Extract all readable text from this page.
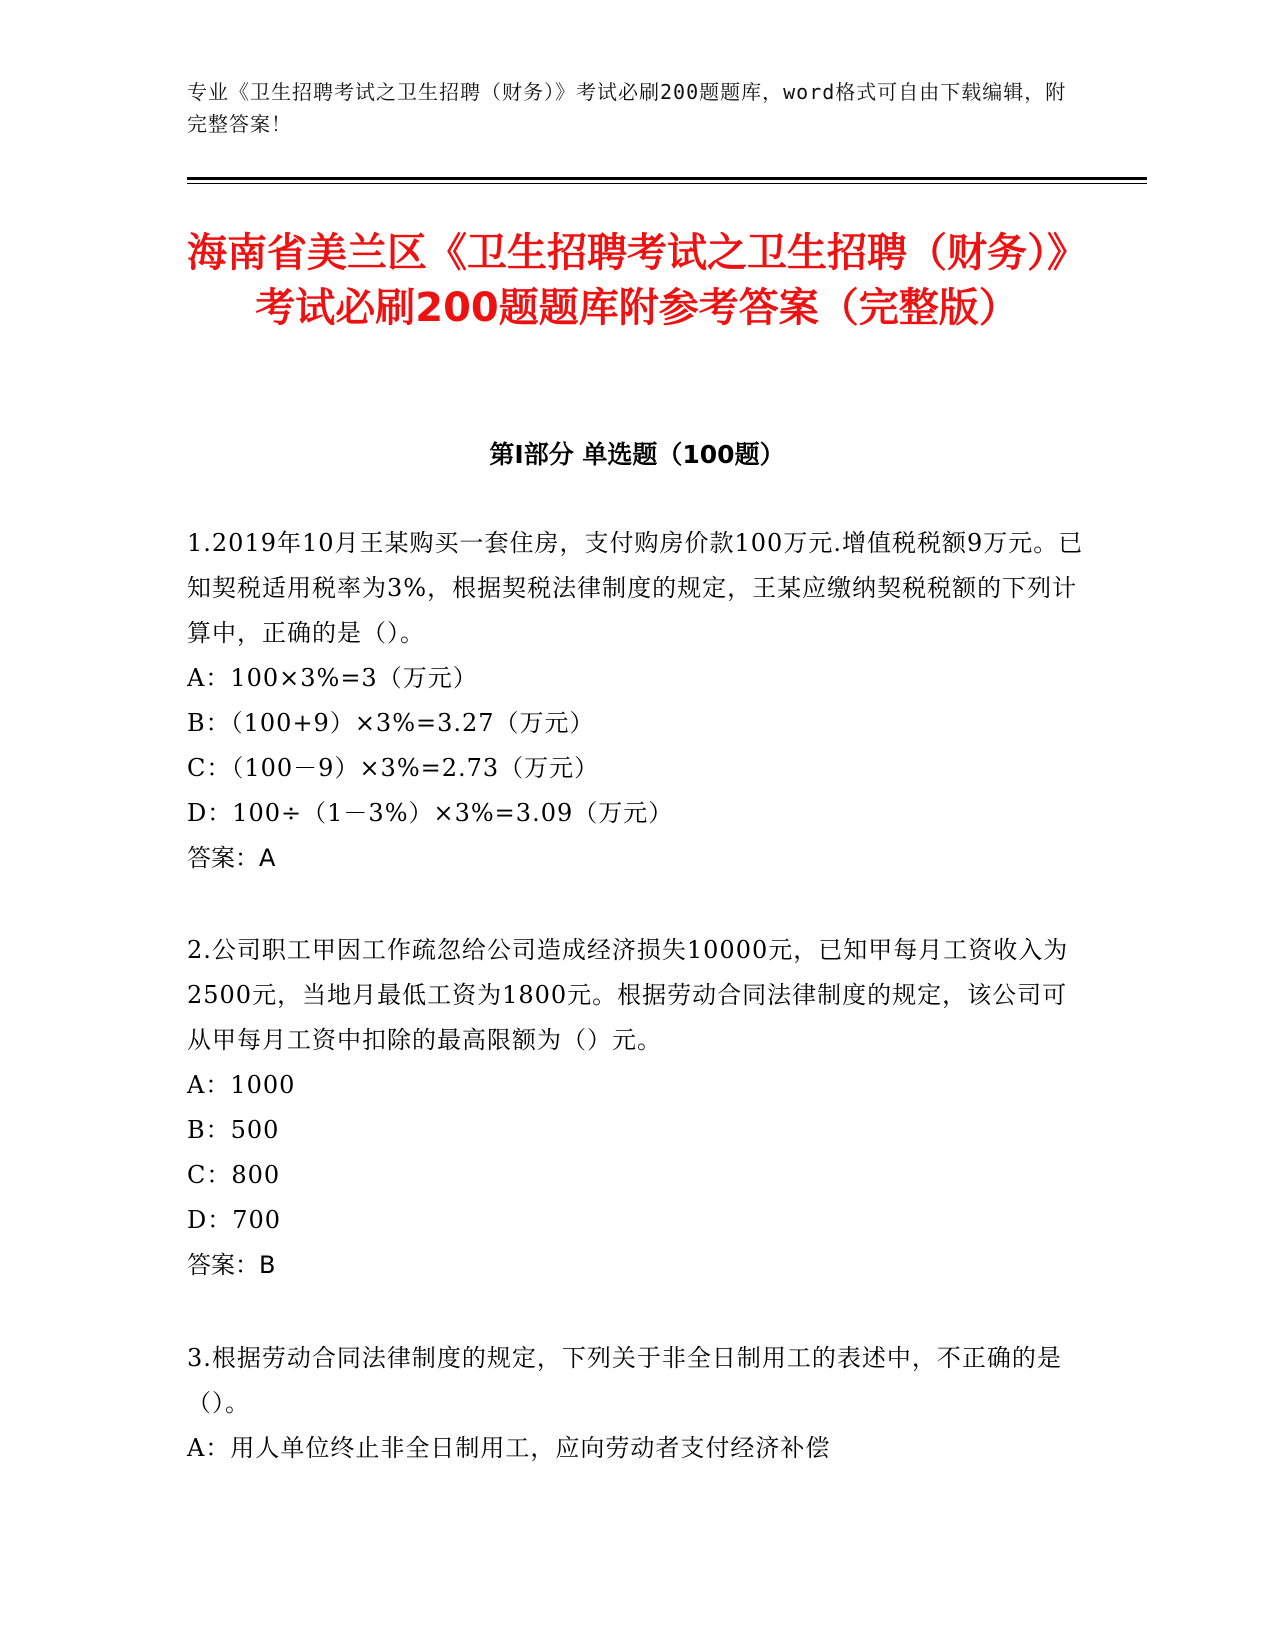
专业《卫生招聘考试之卫生招聘（财务）》考试必刷200题题库，word格式可自由下载编辑，附完整答案！
海南省美兰区《卫生招聘考试之卫生招聘（财务）》考试必刷200题题库附参考答案（完整版）
第I部分 单选题（100题）

1.2019年10月王某购买一套住房，支付购房价款100万元.增值税税额9万元。已知契税适用税率为3%，根据契税法律制度的规定，王某应缴纳契税税额的下列计算中，正确的是（）。

A：100×3%=3（万元）

B：（100+9）×3%=3.27（万元）

C：（100－9）×3%=2.73（万元）

D：100÷（1－3%）×3%=3.09（万元）

答案：A

2.公司职工甲因工作疏忽给公司造成经济损失10000元，已知甲每月工资收入为2500元，当地月最低工资为1800元。根据劳动合同法律制度的规定，该公司可从甲每月工资中扣除的最高限额为（）元。

A：1000

B：500

C：800

D：700

答案：B

3.根据劳动合同法律制度的规定，下列关于非全日制用工的表述中，不正确的是（）。

A：用人单位终止非全日制用工，应向劳动者支付经济补偿
